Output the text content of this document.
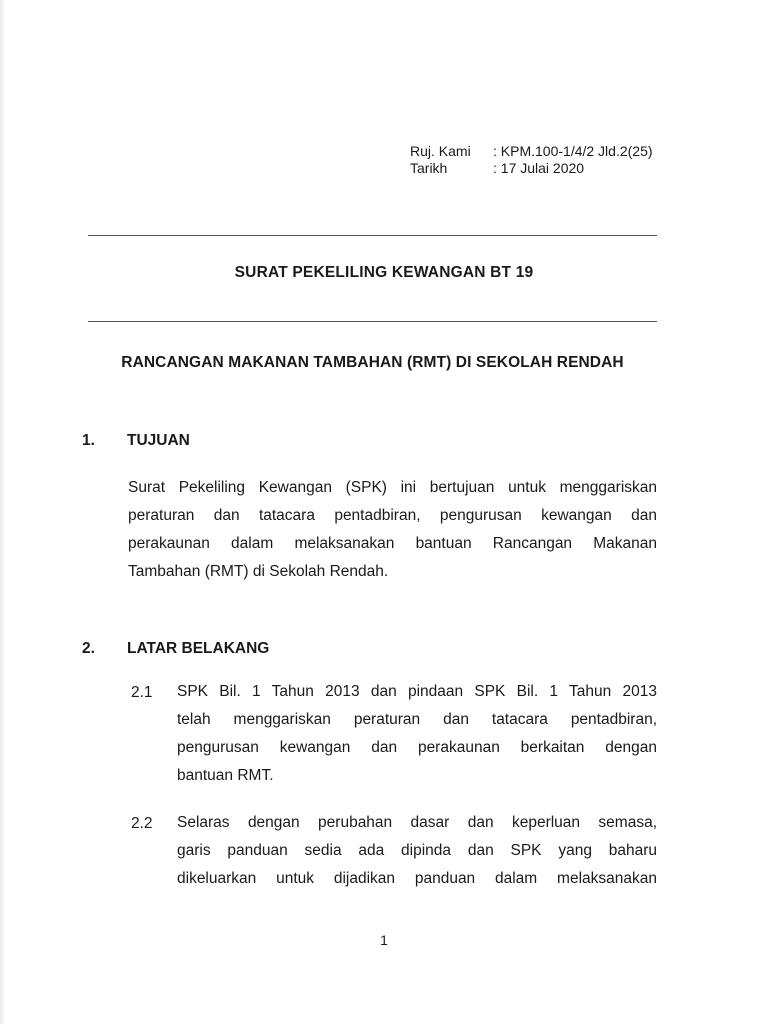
Ruj. Kami	: KPM.100-1/4/2 Jld.2(25)
Tarikh	: 17 Julai 2020
SURAT PEKELILING KEWANGAN BT 19
RANCANGAN MAKANAN TAMBAHAN (RMT) DI SEKOLAH RENDAH
1. TUJUAN
Surat Pekeliling Kewangan (SPK) ini bertujuan untuk menggariskan
peraturan dan tatacara pentadbiran, pengurusan kewangan dan
perakaunan dalam melaksanakan bantuan Rancangan Makanan
Tambahan (RMT) di Sekolah Rendah.
2. LATAR BELAKANG
2.1 SPK Bil. 1 Tahun 2013 dan pindaan SPK Bil. 1 Tahun 2013
telah menggariskan peraturan dan tatacara pentadbiran,
pengurusan kewangan dan perakaunan berkaitan dengan
bantuan RMT.
2.2 Selaras dengan perubahan dasar dan keperluan semasa,
garis panduan sedia ada dipinda dan SPK yang baharu
dikeluarkan untuk dijadikan panduan dalam melaksanakan
1
